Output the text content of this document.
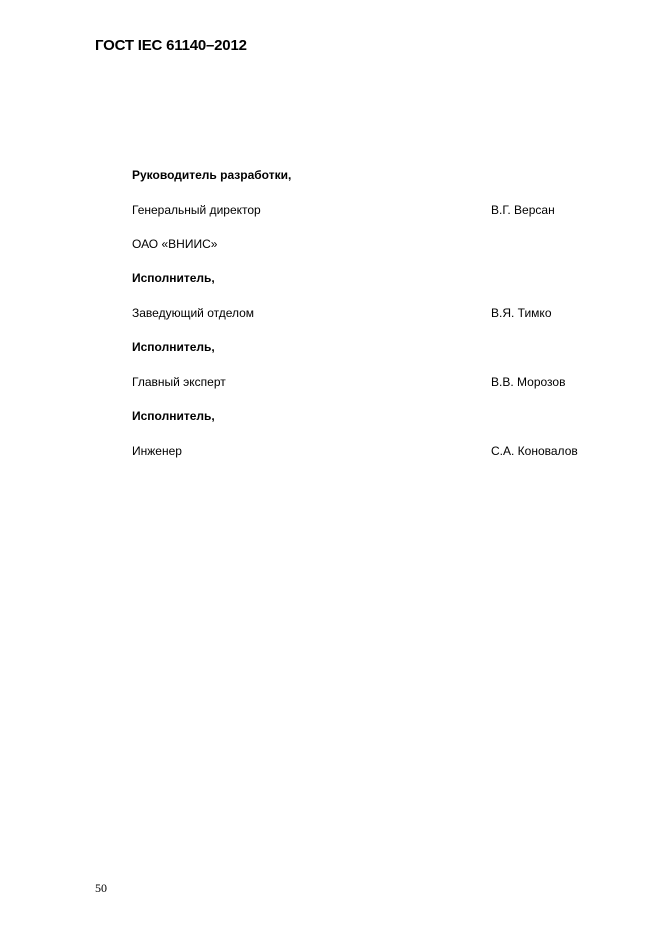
ГОСТ IEC 61140–2012
Руководитель разработки,
Генеральный директор	В.Г. Версан
ОАО «ВНИИС»
Исполнитель,
Заведующий отделом	В.Я. Тимко
Исполнитель,
Главный эксперт	В.В. Морозов
Исполнитель,
Инженер	С.А. Коновалов
50
